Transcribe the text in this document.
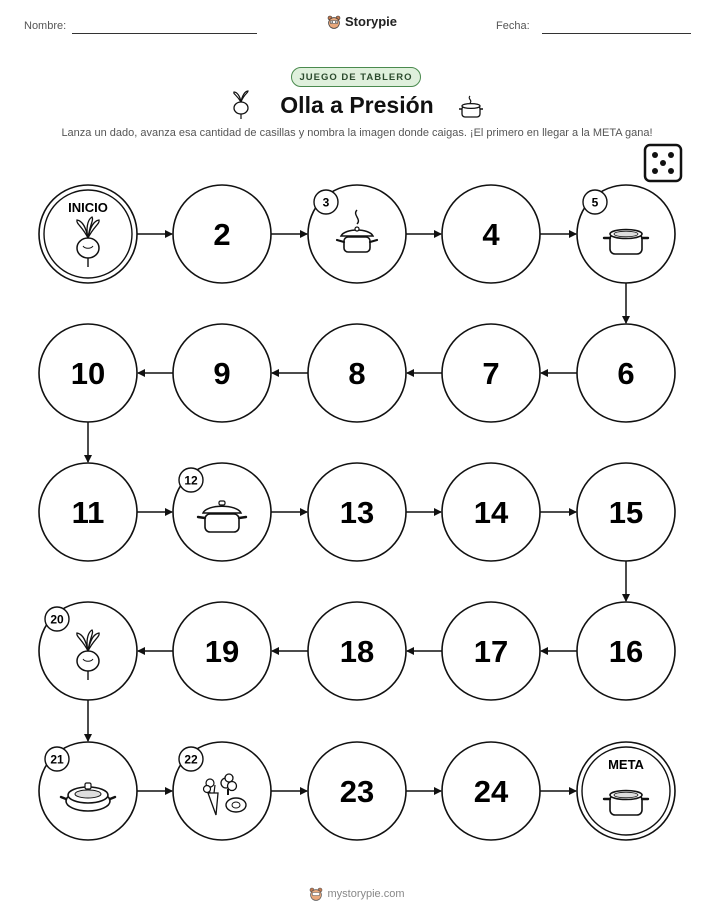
Nombre:	Storypie	Fecha:
JUEGO DE TABLERO
Olla a Presión
Lanza un dado, avanza esa cantidad de casillas y nombra la imagen donde caigas. ¡El primero en llegar a la META gana!
INICIO
2
3
4
5
6
7
8
9
10
11
12
13	14	15
16
17
18
19
20
21	22
23	24
META
mystorypie.com
